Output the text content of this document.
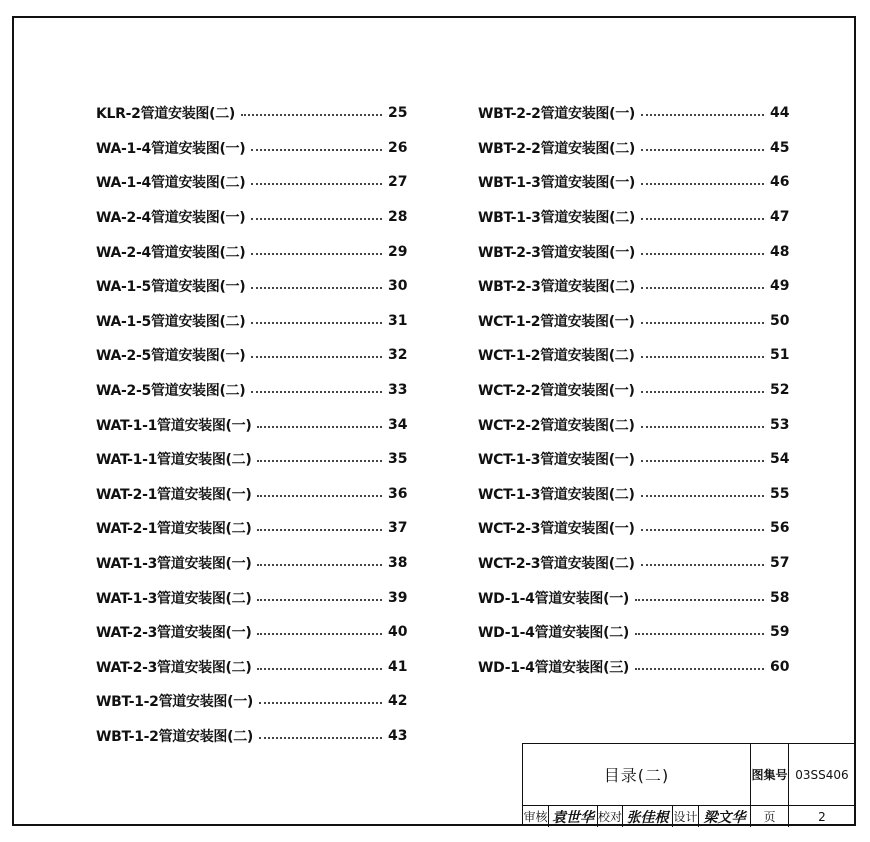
KLR-2管道安装图(二)	25
WA-1-4管道安装图(一)	26
WA-1-4管道安装图(二)	27
WA-2-4管道安装图(一)	28
WA-2-4管道安装图(二)	29
WA-1-5管道安装图(一)	30
WA-1-5管道安装图(二)	31
WA-2-5管道安装图(一)	32
WA-2-5管道安装图(二)	33
WAT-1-1管道安装图(一)	34
WAT-1-1管道安装图(二)	35
WAT-2-1管道安装图(一)	36
WAT-2-1管道安装图(二)	37
WAT-1-3管道安装图(一)	38
WAT-1-3管道安装图(二)	39
WAT-2-3管道安装图(一)	40
WAT-2-3管道安装图(二)	41
WBT-1-2管道安装图(一)	42
WBT-1-2管道安装图(二)	43
WBT-2-2管道安装图(一)	44
WBT-2-2管道安装图(二)	45
WBT-1-3管道安装图(一)	46
WBT-1-3管道安装图(二)	47
WBT-2-3管道安装图(一)	48
WBT-2-3管道安装图(二)	49
WCT-1-2管道安装图(一)	50
WCT-1-2管道安装图(二)	51
WCT-2-2管道安装图(一)	52
WCT-2-2管道安装图(二)	53
WCT-1-3管道安装图(一)	54
WCT-1-3管道安装图(二)	55
WCT-2-3管道安装图(一)	56
WCT-2-3管道安装图(二)	57
WD-1-4管道安装图(一)	58
WD-1-4管道安装图(二)	59
WD-1-4管道安装图(三)	60
目录(二)	图集号 03SS406
审核 袁世华 校对 张佳根 设计 梁文华	页	2
